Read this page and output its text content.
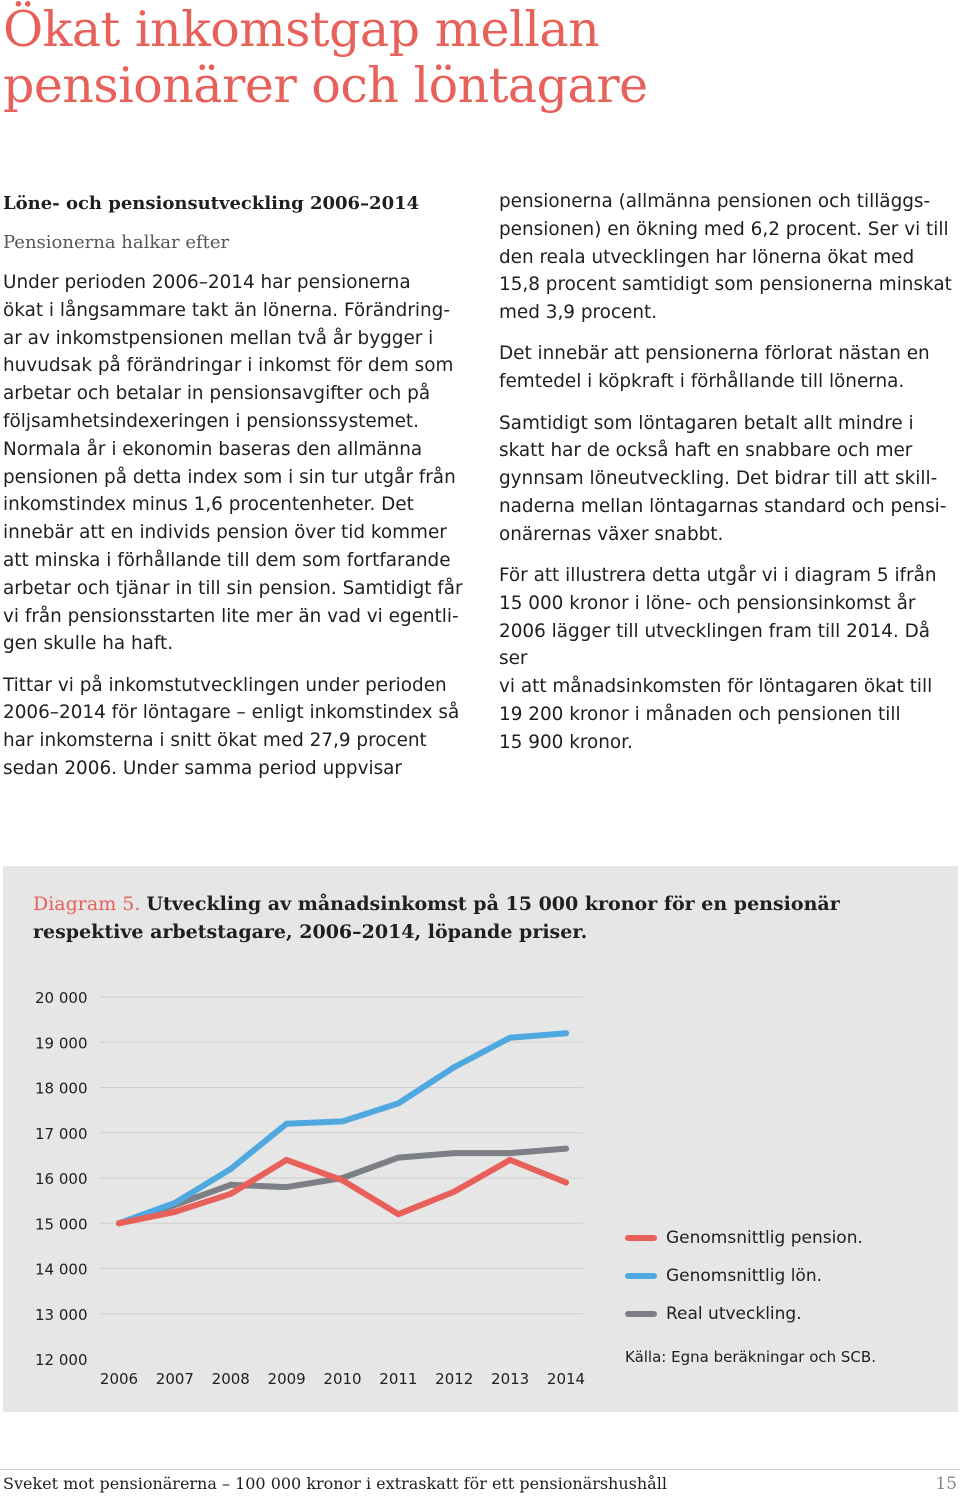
Ökat inkomstgap mellan
pensionärer och löntagare
Löne- och pensionsutveckling 2006–2014
Pensionerna halkar efter

Under perioden 2006–2014 har pensionerna
ökat i långsammare takt än lönerna. Förändring-
ar av inkomstpensionen mellan två år bygger i
huvudsak på förändringar i inkomst för dem som
arbetar och betalar in pensionsavgifter och på
följsamhetsindexeringen i pensionssystemet.
Normala år i ekonomin baseras den allmänna
pensionen på detta index som i sin tur utgår från
inkomstindex minus 1,6 procentenheter. Det
innebär att en individs pension över tid kommer
att minska i förhållande till dem som fortfarande
arbetar och tjänar in till sin pension. Samtidigt får
vi från pensionsstarten lite mer än vad vi egentli-
gen skulle ha haft.

Tittar vi på inkomstutvecklingen under perioden
2006–2014 för löntagare – enligt inkomstindex så
har inkomsterna i snitt ökat med 27,9 procent
sedan 2006. Under samma period uppvisar

pensionerna (allmänna pensionen och tilläggs-
pensionen) en ökning med 6,2 procent. Ser vi till
den reala utvecklingen har lönerna ökat med
15,8 procent samtidigt som pensionerna minskat
med 3,9 procent.

Det innebär att pensionerna förlorat nästan en
femtedel i köpkraft i förhållande till lönerna.

Samtidigt som löntagaren betalt allt mindre i
skatt har de också haft en snabbare och mer
gynnsam löneutveckling. Det bidrar till att skill-
naderna mellan löntagarnas standard och pensi-
onärernas växer snabbt.

För att illustrera detta utgår vi i diagram 5 ifrån
15 000 kronor i löne- och pensionsinkomst år
2006 lägger till utvecklingen fram till 2014. Då ser
vi att månadsinkomsten för löntagaren ökat till
19 200 kronor i månaden och pensionen till
15 900 kronor.

Diagram 5. Utveckling av månadsinkomst på 15 000 kronor för en pensionär respektive arbetstagare, 2006–2014, löpande priser.
12 000
13 000
14 000
15 000
16 000
17 000
18 000
19 000
20 000
2006 2007 2008 2009 2010 2011 2012 2013 2014
Genomsnittlig pension.
Genomsnittlig lön.
Real utveckling.
Källa: Egna beräkningar och SCB.
Sveket mot pensionärerna – 100 000 kronor i extraskatt för ett pensionärshushåll	15
